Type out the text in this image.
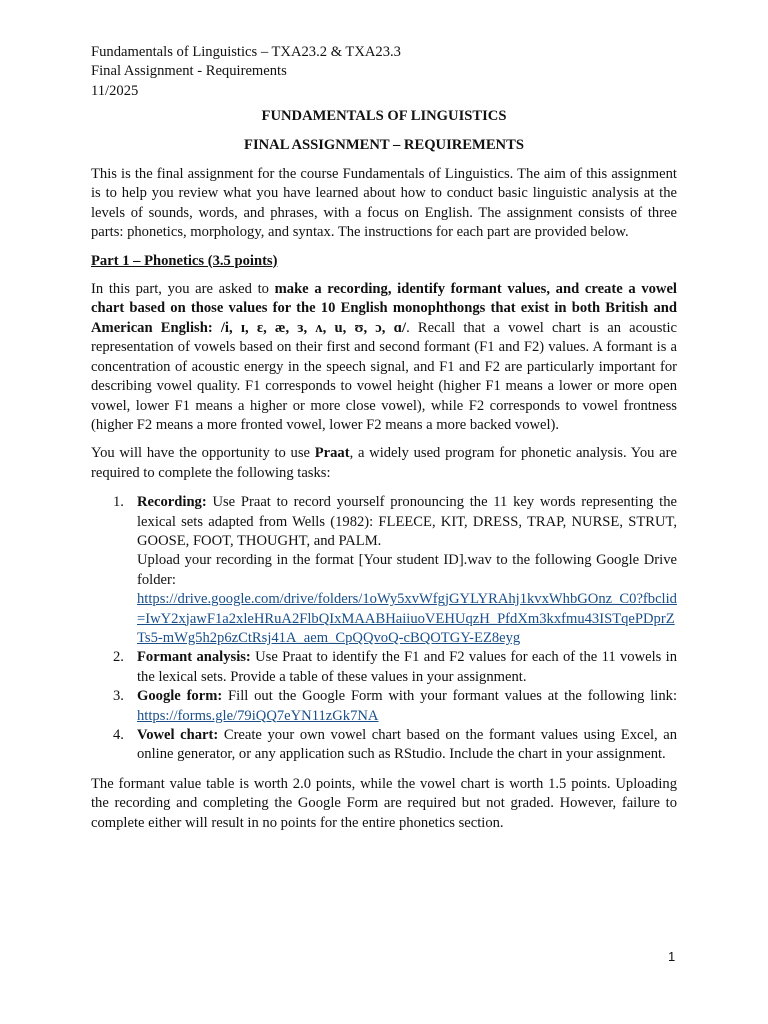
Fundamentals of Linguistics – TXA23.2 & TXA23.3
Final Assignment - Requirements
11/2025
FUNDAMENTALS OF LINGUISTICS
FINAL ASSIGNMENT – REQUIREMENTS

This is the final assignment for the course Fundamentals of Linguistics. The aim of this assignment is to help you review what you have learned about how to conduct basic linguistic analysis at the levels of sounds, words, and phrases, with a focus on English. The assignment consists of three parts: phonetics, morphology, and syntax. The instructions for each part are provided below.

Part 1 – Phonetics (3.5 points)

In this part, you are asked to make a recording, identify formant values, and create a vowel chart based on those values for the 10 English monophthongs that exist in both British and American English: /i, ɪ, ɛ, æ, ɜ, ʌ, u, ʊ, ɔ, ɑ/. Recall that a vowel chart is an acoustic representation of vowels based on their first and second formant (F1 and F2) values. A formant is a concentration of acoustic energy in the speech signal, and F1 and F2 are particularly important for describing vowel quality. F1 corresponds to vowel height (higher F1 means a lower or more open vowel, lower F1 means a higher or more close vowel), while F2 corresponds to vowel frontness (higher F2 means a more fronted vowel, lower F2 means a more backed vowel).

You will have the opportunity to use Praat, a widely used program for phonetic analysis. You are required to complete the following tasks:

1. Recording: Use Praat to record yourself pronouncing the 11 key words representing the lexical sets adapted from Wells (1982): FLEECE, KIT, DRESS, TRAP, NURSE, STRUT, GOOSE, FOOT, THOUGHT, and PALM.
Upload your recording in the format [Your student ID].wav to the following Google Drive folder:
https://drive.google.com/drive/folders/1oWy5xvWfgjGYLYRAhj1kvxWhbGOnz_C0?fbclid=IwY2xjawF1a2xleHRuA2FlbQIxMAABHaiiuoVEHUqzH_PfdXm3kxfmu43ISTqePDprZTs5-mWg5h2p6zCtRsj41A_aem_CpQQvoQ-cBQOTGY-EZ8eyg
2. Formant analysis: Use Praat to identify the F1 and F2 values for each of the 11 vowels in the lexical sets. Provide a table of these values in your assignment.
3. Google form: Fill out the Google Form with your formant values at the following link: https://forms.gle/79iQQ7eYN11zGk7NA
4. Vowel chart: Create your own vowel chart based on the formant values using Excel, an online generator, or any application such as RStudio. Include the chart in your assignment.

The formant value table is worth 2.0 points, while the vowel chart is worth 1.5 points. Uploading the recording and completing the Google Form are required but not graded. However, failure to complete either will result in no points for the entire phonetics section.

1
